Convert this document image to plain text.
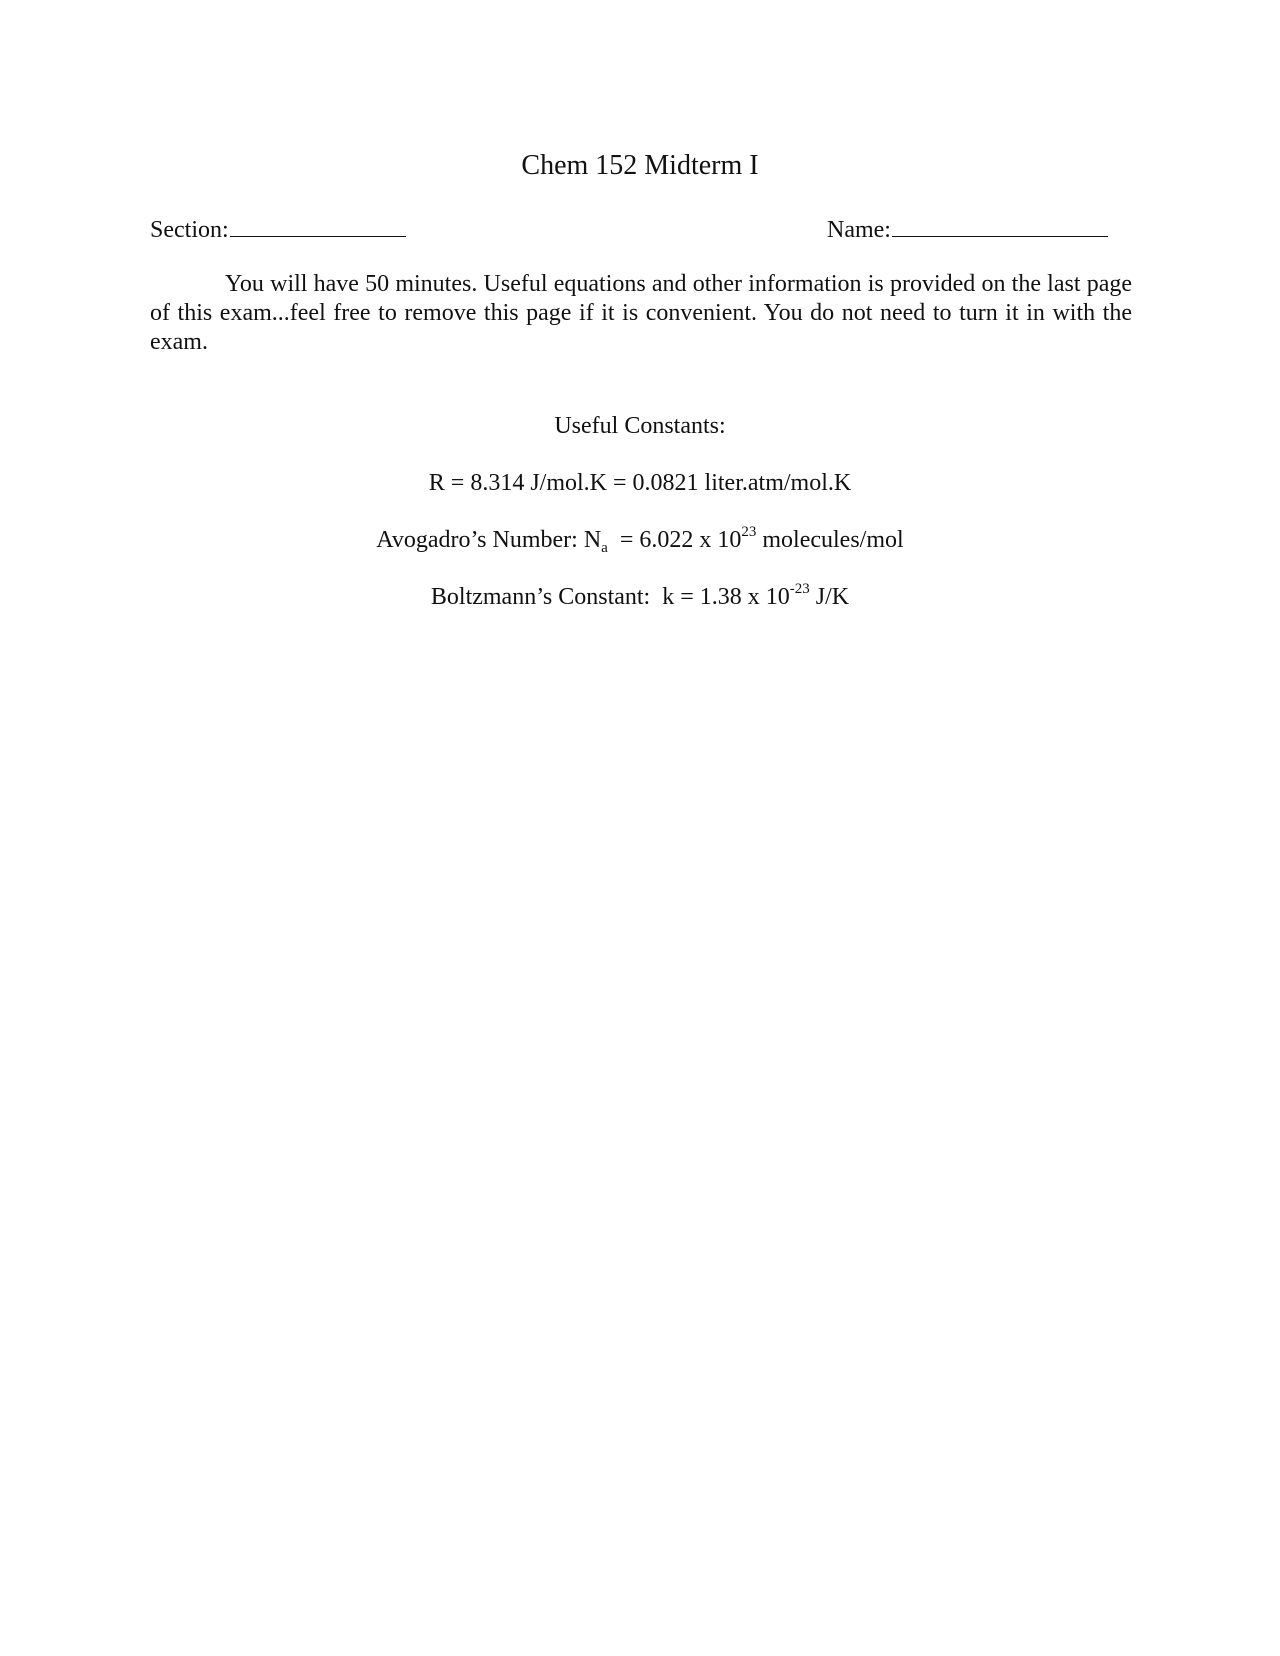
Chem 152 Midterm I
Section:	Name:
You will have 50 minutes. Useful equations and other information is provided on the last page of this exam...feel free to remove this page if it is convenient. You do not need to turn it in with the exam.
Useful Constants:
R = 8.314 J/mol.K = 0.0821 liter.atm/mol.K
Avogadro’s Number: $N_a = 6.022$ x $10^{23}$ molecules/mol
Boltzmann’s Constant:  k = 1.38 x $10^{-23}$ J/K
